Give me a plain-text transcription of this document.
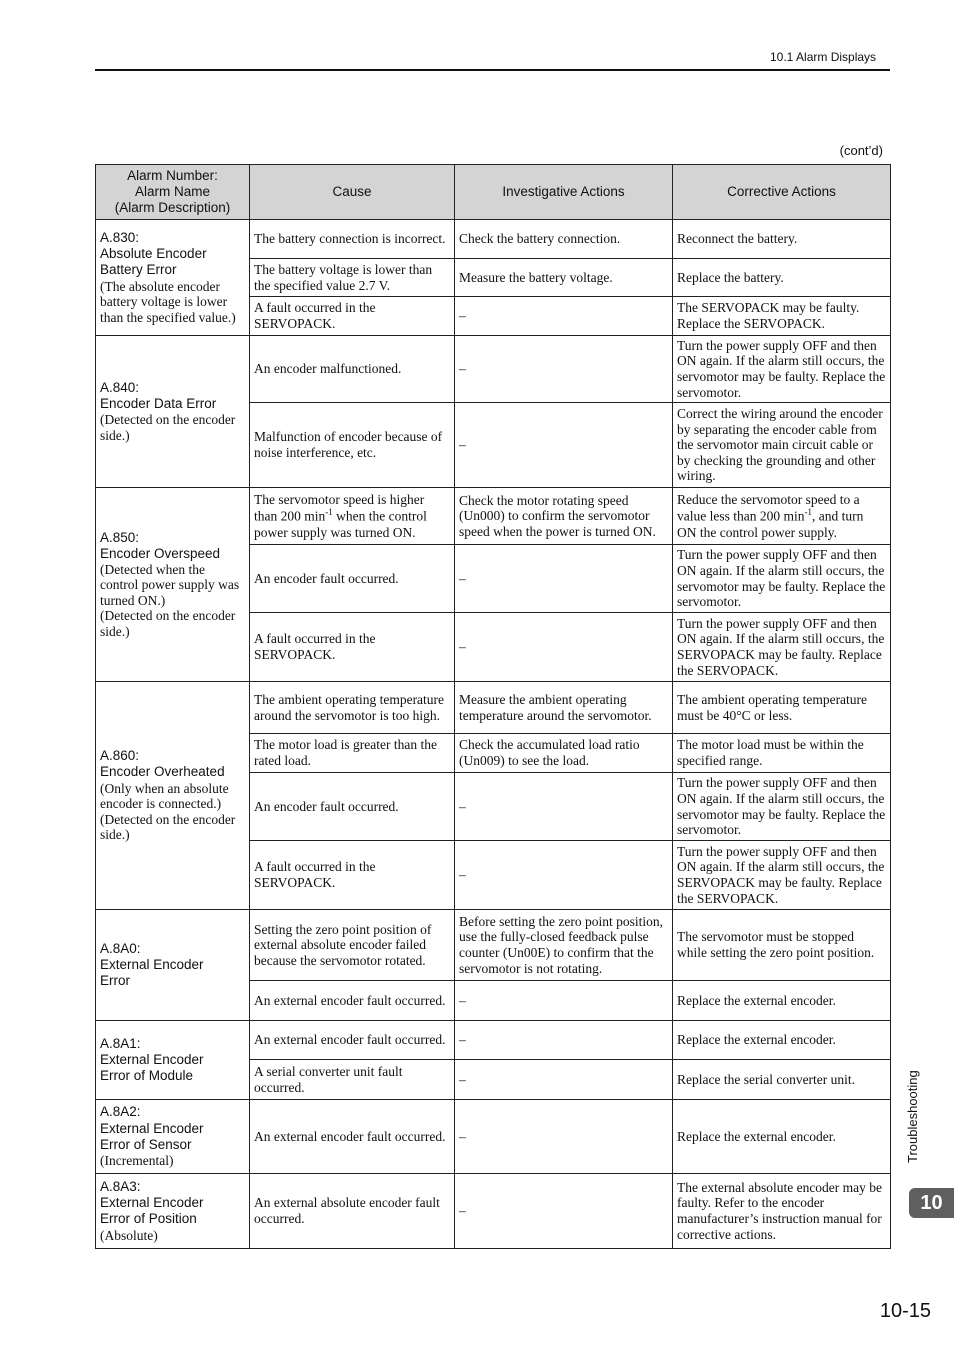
10.1 Alarm Displays
(cont’d)
Alarm Number:
Alarm Name
(Alarm Description)	Cause	Investigative Actions	Corrective Actions

A.830:
Absolute Encoder
Battery Error
(The absolute encoder battery voltage is lower than the specified value.)	The battery connection is incorrect.	Check the battery connection.	Reconnect the battery.
	The battery voltage is lower than the specified value 2.7 V.	Measure the battery voltage.	Replace the battery.
	A fault occurred in the SERVOPACK.	–	The SERVOPACK may be faulty. Replace the SERVOPACK.

A.840:
Encoder Data Error
(Detected on the encoder side.)	An encoder malfunctioned.	–	Turn the power supply OFF and then ON again. If the alarm still occurs, the servomotor may be faulty. Replace the servomotor.
	Malfunction of encoder because of noise interference, etc.	–	Correct the wiring around the encoder by separating the encoder cable from the servomotor main circuit cable or by checking the grounding and other wiring.

A.850:
Encoder Overspeed
(Detected when the control power supply was turned ON.)
(Detected on the encoder side.)	The servomotor speed is higher than 200 $\min^{-1}$ when the control power supply was turned ON.	Check the motor rotating speed (Un000) to confirm the servomotor speed when the power is turned ON.	Reduce the servomotor speed to a value less than 200 $\min^{-1}$, and turn ON the control power supply.
	An encoder fault occurred.	–	Turn the power supply OFF and then ON again. If the alarm still occurs, the servomotor may be faulty. Replace the servomotor.
	A fault occurred in the SERVOPACK.	–	Turn the power supply OFF and then ON again. If the alarm still occurs, the SERVOPACK may be faulty. Replace the SERVOPACK.

A.860:
Encoder Overheated
(Only when an absolute encoder is connected.)
(Detected on the encoder side.)	The ambient operating temperature around the servomotor is too high.	Measure the ambient operating temperature around the servomotor.	The ambient operating temperature must be 40°C or less.
	The motor load is greater than the rated load.	Check the accumulated load ratio (Un009) to see the load.	The motor load must be within the specified range.
	An encoder fault occurred.	–	Turn the power supply OFF and then ON again. If the alarm still occurs, the servomotor may be faulty. Replace the servomotor.
	A fault occurred in the SERVOPACK.	–	Turn the power supply OFF and then ON again. If the alarm still occurs, the SERVOPACK may be faulty. Replace the SERVOPACK.

A.8A0:
External Encoder
Error	Setting the zero point position of external absolute encoder failed because the servomotor rotated.	Before setting the zero point position, use the fully-closed feedback pulse counter (Un00E) to confirm that the servomotor is not rotating.	The servomotor must be stopped while setting the zero point position.
	An external encoder fault occurred.	–	Replace the external encoder.

A.8A1:
External Encoder
Error of Module	An external encoder fault occurred.	–	Replace the external encoder.
	A serial converter unit fault occurred.	–	Replace the serial converter unit.

A.8A2:
External Encoder
Error of Sensor
(Incremental)	An external encoder fault occurred.	–	Replace the external encoder.

A.8A3:
External Encoder
Error of Position
(Absolute)	An external absolute encoder fault occurred.	–	The external absolute encoder may be faulty. Refer to the encoder manufacturer’s instruction manual for corrective actions.
Troubleshooting
10
10-15
